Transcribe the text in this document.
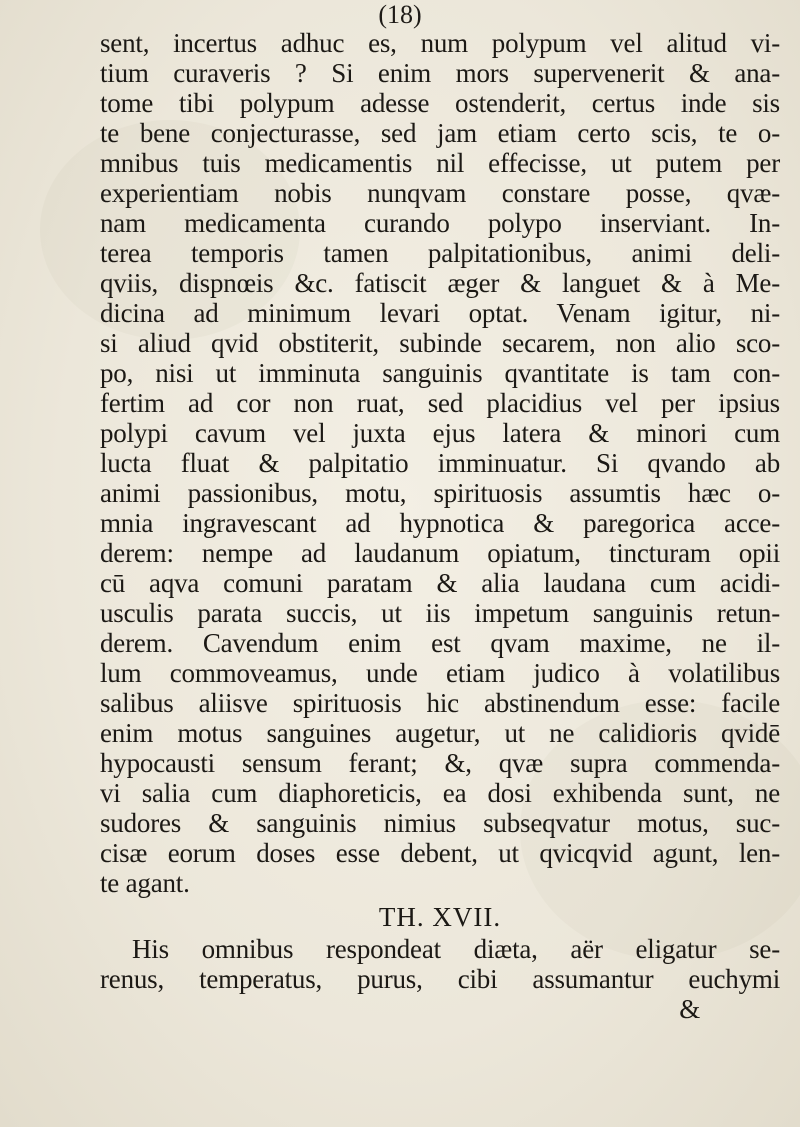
(18)
sent, incertus adhuc es, num polypum vel alitud vi-
tium curaveris ? Si enim mors supervenerit & ana-
tome tibi polypum adesse ostenderit, certus inde sis
te bene conjecturasse, sed jam etiam certo scis, te o-
mnibus tuis medicamentis nil effecisse, ut putem per
experientiam nobis nunqvam constare posse, qvæ-
nam medicamenta curando polypo inserviant. In-
terea temporis tamen palpitationibus, animi deli-
qviis, dispnœis &c. fatiscit æger & languet & à Me-
dicina ad minimum levari optat. Venam igitur, ni-
si aliud qvid obstiterit, subinde secarem, non alio sco-
po, nisi ut imminuta sanguinis qvantitate is tam con-
fertim ad cor non ruat, sed placidius vel per ipsius
polypi cavum vel juxta ejus latera & minori cum
lucta fluat & palpitatio imminuatur. Si qvando ab
animi passionibus, motu, spirituosis assumtis hæc o-
mnia ingravescant ad hypnotica & paregorica acce-
derem: nempe ad laudanum opiatum, tincturam opii
cū aqva comuni paratam & alia laudana cum acidi-
usculis parata succis, ut iis impetum sanguinis retun-
derem. Cavendum enim est qvam maxime, ne il-
lum commoveamus, unde etiam judico à volatilibus
salibus aliisve spirituosis hic abstinendum esse: facile
enim motus sanguines augetur, ut ne calidioris qvidē
hypocausti sensum ferant; &, qvæ supra commenda-
vi salia cum diaphoreticis, ea dosi exhibenda sunt, ne
sudores & sanguinis nimius subseqvatur motus, suc-
cisæ eorum doses esse debent, ut qvicqvid agunt, len-
te agant.
TH. XVII.
His omnibus respondeat diæta, aër eligatur se-
renus, temperatus, purus, cibi assumantur euchymi
&
